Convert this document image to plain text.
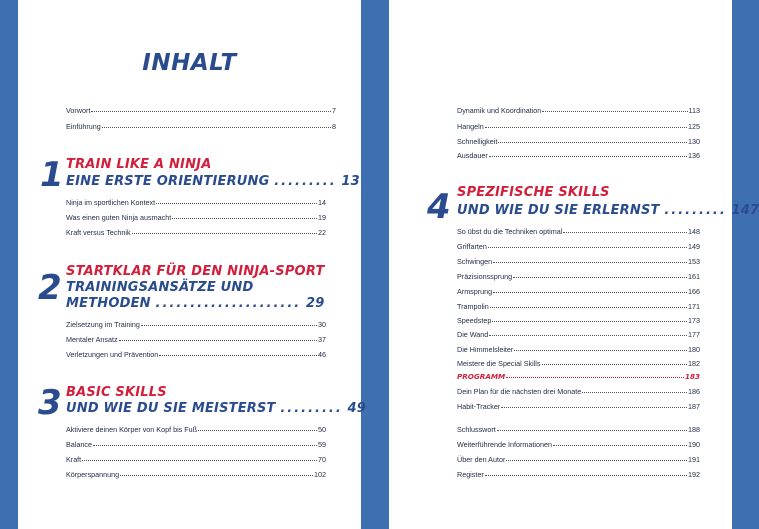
INHALT
Vorwort	7
Einführung	8
1 TRAIN LIKE A NINJA
EINE ERSTE ORIENTIERUNG ......... 13
Ninja im sportlichen Kontext	14
Was einen guten Ninja ausmacht	19
Kraft versus Technik	22
2 STARTKLAR FÜR DEN NINJA-SPORT
TRAININGSANSÄTZE UND
METHODEN ..................... 29
Zielsetzung im Training	30
Mentaler Ansatz	37
Verletzungen und Prävention	46
3 BASIC SKILLS
UND WIE DU SIE MEISTERST ......... 49
Aktiviere deinen Körper von Kopf bis Fuß	50
Balance	59
Kraft	70
Körperspannung	102
Dynamik und Koordination	113
Hangeln	125
Schnelligkeit	130
Ausdauer	136
4 SPEZIFISCHE SKILLS
UND WIE DU SIE ERLERNST ......... 147
So übst du die Techniken optimal	148
Griffarten	149
Schwingen	153
Präzisionssprung	161
Armsprung	166
Trampolin	171
Speedstep	173
Die Wand	177
Die Himmelsleiter	180
Meistere die Special Skills	182
PROGRAMM	183
Dein Plan für die nächsten drei Monate	186
Habit-Tracker	187
Schlusswort	188
Weiterführende Informationen	190
Über den Autor	191
Register	192
